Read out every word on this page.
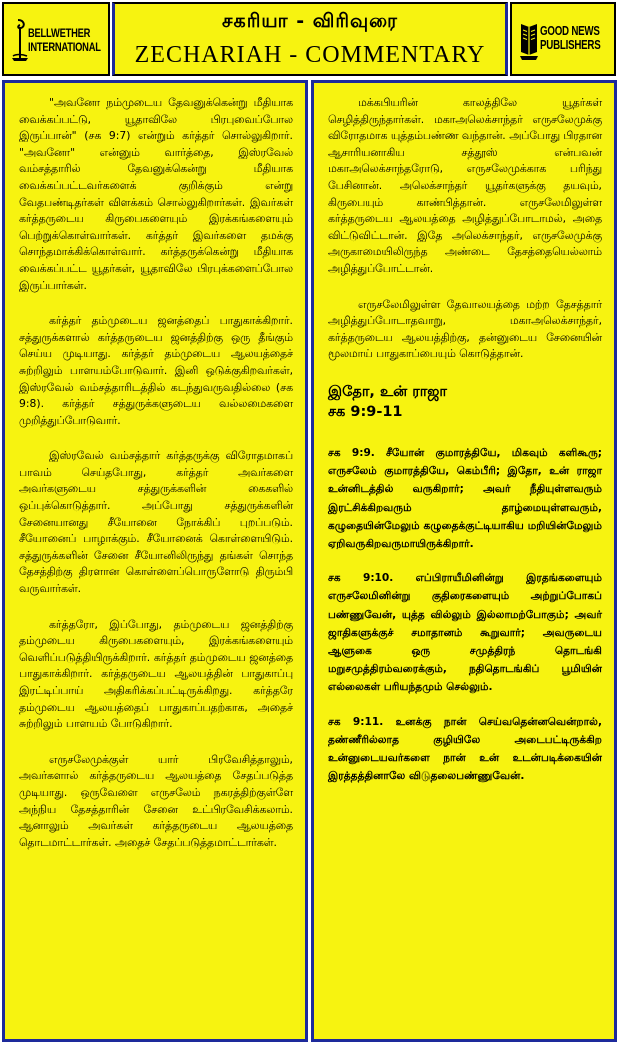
BELLWETHER
INTERNATIONAL
சகரியா - விரிவுரை
ZECHARIAH - COMMENTARY
GOOD NEWS
PUBLISHERS

"அவனோ நம்முடைய தேவனுக்கென்று மீதியாக வைக்கப்பட்டு, யூதாவிலே பிரபுவைப்போல இருப்பான்" (சக 9:7) என்றும் கர்த்தர் சொல்லுகிறார். "அவனோ" என்னும் வார்த்தை, இஸ்ரவேல் வம்சத்தாரில் தேவனுக்கென்று மீதியாக வைக்கப்பட்டவர்களைக் குறிக்கும் என்று வேதபண்டிதர்கள் விளக்கம் சொல்லுகிறார்கள். இவர்கள் கர்த்தருடைய கிருபைகளையும் இரக்கங்களையும் பெற்றுக்கொள்வார்கள். கர்த்தர் இவர்களை தமக்கு சொந்தமாக்கிக்கொள்வார். கர்த்தருக்கென்று மீதியாக வைக்கப்பட்ட யூதர்கள், யூதாவிலே பிரபுக்களைப்போல இருப்பார்கள்.

கர்த்தர் தம்முடைய ஜனத்தைப் பாதுகாக்கிறார். சத்துருக்களால் கர்த்தருடைய ஜனத்திற்கு ஒரு தீங்கும் செய்ய முடியாது. கர்த்தர் தம்முடைய ஆலயத்தைச் சுற்றிலும் பாளயம்போடுவார். இனி ஒடுக்குகிறவர்கள், இஸ்ரவேல் வம்சத்தாரிடத்தில் கடந்துவருவதில்லை (சக 9:8). கர்த்தர் சத்துருக்களுடைய வல்லமைகளை முறித்துப்போடுவார்.

இஸ்ரவேல் வம்சத்தார் கர்த்தருக்கு விரோதமாகப் பாவம் செய்தபோது, கர்த்தர் அவர்களை அவர்களுடைய சத்துருக்களின் கைகளில் ஒப்புக்கொடுத்தார். அப்போது சத்துருக்களின் சேனையானது சீயோனை நோக்கிப் புறப்படும். சீயோனைப் பாழாக்கும். சீயோனைக் கொள்ளையிடும். சத்துருக்களின் சேனை சீயோனிலிருந்து தங்கள் சொந்த தேசத்திற்கு திரளான கொள்ளைப்பொருளோடு திரும்பி வருவார்கள்.

கர்த்தரோ, இப்போது, தம்முடைய ஜனத்திற்கு தம்முடைய கிருபைகளையும், இரக்கங்களையும் வெளிப்படுத்தியிருக்கிறார். கர்த்தர் தம்முடைய ஜனத்தை பாதுகாக்கிறார். கர்த்தருடைய ஆலயத்தின் பாதுகாப்பு இரட்டிப்பாய் அதிகரிக்கப்பட்டிருக்கிறது. கர்த்தரே தம்முடைய ஆலயத்தைப் பாதுகாப்பதற்காக, அதைச் சுற்றிலும் பாளயம் போடுகிறார்.

எருசலேமுக்குள் யார் பிரவேசித்தாலும், அவர்களால் கர்த்தருடைய ஆலயத்தை சேதப்படுத்த முடியாது. ஒருவேளை எருசலேம் நகரத்திற்குள்ளே அந்நிய தேசத்தாரின் சேனை உட்பிரவேசிக்கலாம். ஆனாலும் அவர்கள் கர்த்தருடைய ஆலயத்தை தொடமாட்டார்கள். அதைச் சேதப்படுத்தமாட்டார்கள்.

மக்கபியரின் காலத்திலே யூதர்கள் செழித்திருந்தார்கள். மகாஅலெக்சாந்தர் எருசலேமுக்கு விரோதமாக யுத்தம்பண்ண வந்தான். அப்போது பிரதான ஆசாரியனாகிய சத்தூஸ் என்பவன் மகாஅலெக்சாந்தரோடு, எருசலேமுக்காக பரிந்து பேசினான். அலெக்சாந்தர் யூதர்களுக்கு தயவும், கிருபையும் காண்பித்தான். எருசலேமிலுள்ள கர்த்தருடைய ஆலயத்தை அழித்துப்போடாமல், அதை விட்டுவிட்டான். இதே அலெக்சாந்தர், எருசலேமுக்கு அருகாமையிலிருந்த அண்டை தேசத்தையெல்லாம் அழித்துப்போட்டான்.

எருசலேமிலுள்ள தேவாலயத்தை மற்ற தேசத்தார் அழித்துப்போடாதவாறு, மகாஅலெக்சாந்தர், கர்த்தருடைய ஆலயத்திற்கு, தன்னுடைய சேனையின் மூலமாய் பாதுகாப்பையும் கொடுத்தான்.

இதோ, உன் ராஜா
சக 9:9-11

சக 9:9. சீயோன் குமாரத்தியே, மிகவும் களிகூரு; எருசலேம் குமாரத்தியே, கெம்பீரி; இதோ, உன் ராஜா உன்னிடத்தில் வருகிறார்; அவர் நீதியுள்ளவரும் இரட்சிக்கிறவரும் தாழ்மையுள்ளவரும், கழுதையின்மேலும் கழுதைக்குட்டியாகிய மறியின்மேலும் ஏறிவருகிறவருமாயிருக்கிறார்.

சக 9:10. எப்பிராயீமினின்று இரதங்களையும் எருசலேமினின்று குதிரைகளையும் அற்றுப்போகப் பண்ணுவேன், யுத்த வில்லும் இல்லாமற்போகும்; அவர் ஜாதிகளுக்குச் சமாதானம் கூறுவார்; அவருடைய ஆளுகை ஒரு சமுத்திரந் தொடங்கி மறுசமுத்திரம்வரைக்கும், நதிதொடங்கிப் பூமியின் எல்லைகள் பரியந்தமும் செல்லும்.

சக 9:11. உனக்கு நான் செய்வதென்னவென்றால், தண்ணீரில்லாத குழியிலே அடைபட்டிருக்கிற உன்னுடையவர்களை நான் உன் உடன்படிக்கையின் இரத்தத்தினாலே விடுதலைபண்ணுவேன்.
